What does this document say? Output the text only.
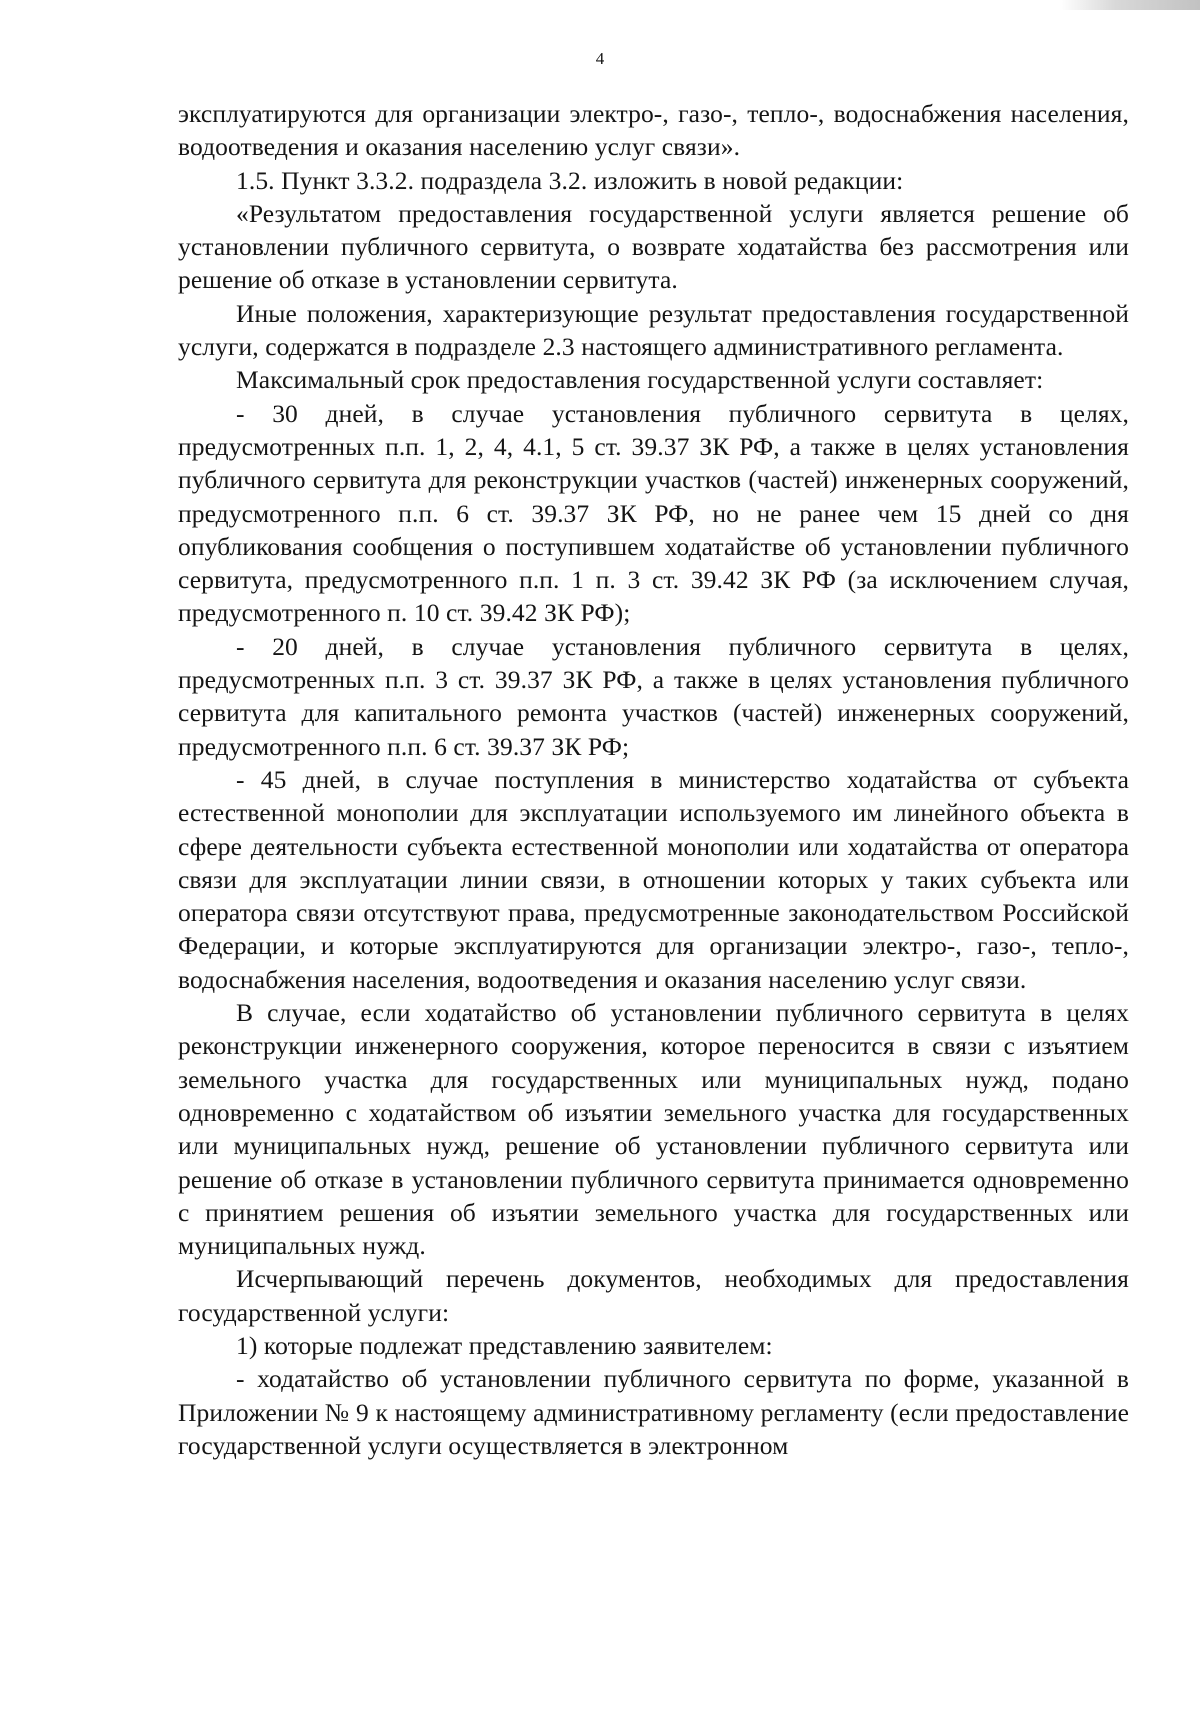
4

эксплуатируются для организации электро-, газо-, тепло-, водоснабжения населения, водоотведения и оказания населению услуг связи».

1.5. Пункт 3.3.2. подраздела 3.2. изложить в новой редакции:

«Результатом предоставления государственной услуги является решение об установлении публичного сервитута, о возврате ходатайства без рассмотрения или решение об отказе в установлении сервитута.

Иные положения, характеризующие результат предоставления государственной услуги, содержатся в подразделе 2.3 настоящего административного регламента.

Максимальный срок предоставления государственной услуги составляет:

- 30 дней, в случае установления публичного сервитута в целях, предусмотренных п.п. 1, 2, 4, 4.1, 5 ст. 39.37 ЗК РФ, а также в целях установления публичного сервитута для реконструкции участков (частей) инженерных сооружений, предусмотренного п.п. 6 ст. 39.37 ЗК РФ, но не ранее чем 15 дней со дня опубликования сообщения о поступившем ходатайстве об установлении публичного сервитута, предусмотренного п.п. 1 п. 3 ст. 39.42 ЗК РФ (за исключением случая, предусмотренного п. 10 ст. 39.42 ЗК РФ);

- 20 дней, в случае установления публичного сервитута в целях, предусмотренных п.п. 3 ст. 39.37 ЗК РФ, а также в целях установления публичного сервитута для капитального ремонта участков (частей) инженерных сооружений, предусмотренного п.п. 6 ст. 39.37 ЗК РФ;

- 45 дней, в случае поступления в министерство ходатайства от субъекта естественной монополии для эксплуатации используемого им линейного объекта в сфере деятельности субъекта естественной монополии или ходатайства от оператора связи для эксплуатации линии связи, в отношении которых у таких субъекта или оператора связи отсутствуют права, предусмотренные законодательством Российской Федерации, и которые эксплуатируются для организации электро-, газо-, тепло-, водоснабжения населения, водоотведения и оказания населению услуг связи.

В случае, если ходатайство об установлении публичного сервитута в целях реконструкции инженерного сооружения, которое переносится в связи с изъятием земельного участка для государственных или муниципальных нужд, подано одновременно с ходатайством об изъятии земельного участка для государственных или муниципальных нужд, решение об установлении публичного сервитута или решение об отказе в установлении публичного сервитута принимается одновременно с принятием решения об изъятии земельного участка для государственных или муниципальных нужд.

Исчерпывающий перечень документов, необходимых для предоставления государственной услуги:

1) которые подлежат представлению заявителем:

- ходатайство об установлении публичного сервитута по форме, указанной в Приложении № 9 к настоящему административному регламенту (если предоставление государственной услуги осуществляется в электронном
